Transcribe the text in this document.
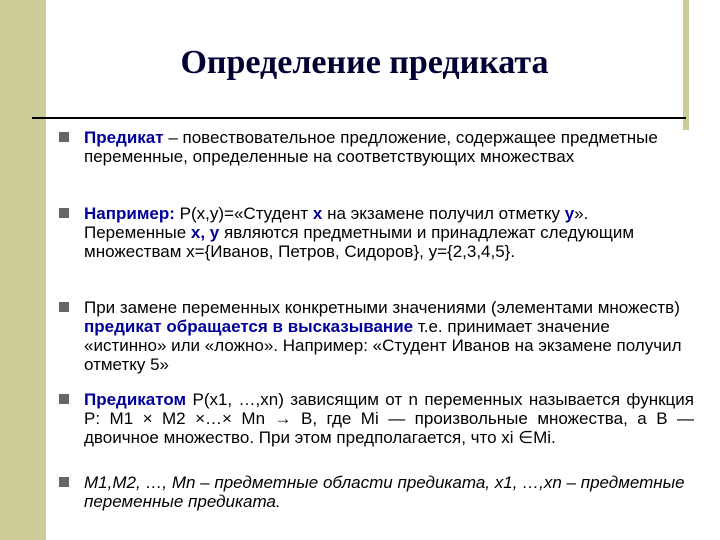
Определение предиката
Предикат – повествовательное предложение, содержащее предметные переменные, определенные на соответствующих множествах
Например: P(x,y)=«Студент x на экзамене получил отметку y». Переменные x, y являются предметными и принадлежат следующим множествам x={Иванов, Петров, Сидоров}, y={2,3,4,5}.
При замене переменных конкретными значениями (элементами множеств) предикат обращается в высказывание т.е. принимает значение «истинно» или «ложно». Например: «Студент Иванов на экзамене получил отметку 5»
Предикатом P(x1, …,xn) зависящим от n переменных называется функция P: M1 × M2 ×…× Mn → B, где Mi — произвольные множества, а B — двоичное множество. При этом предполагается, что xi ∈Mi.
M1,M2, …, Mn – предметные области предиката, x1, …,xn – предметные переменные предиката.
